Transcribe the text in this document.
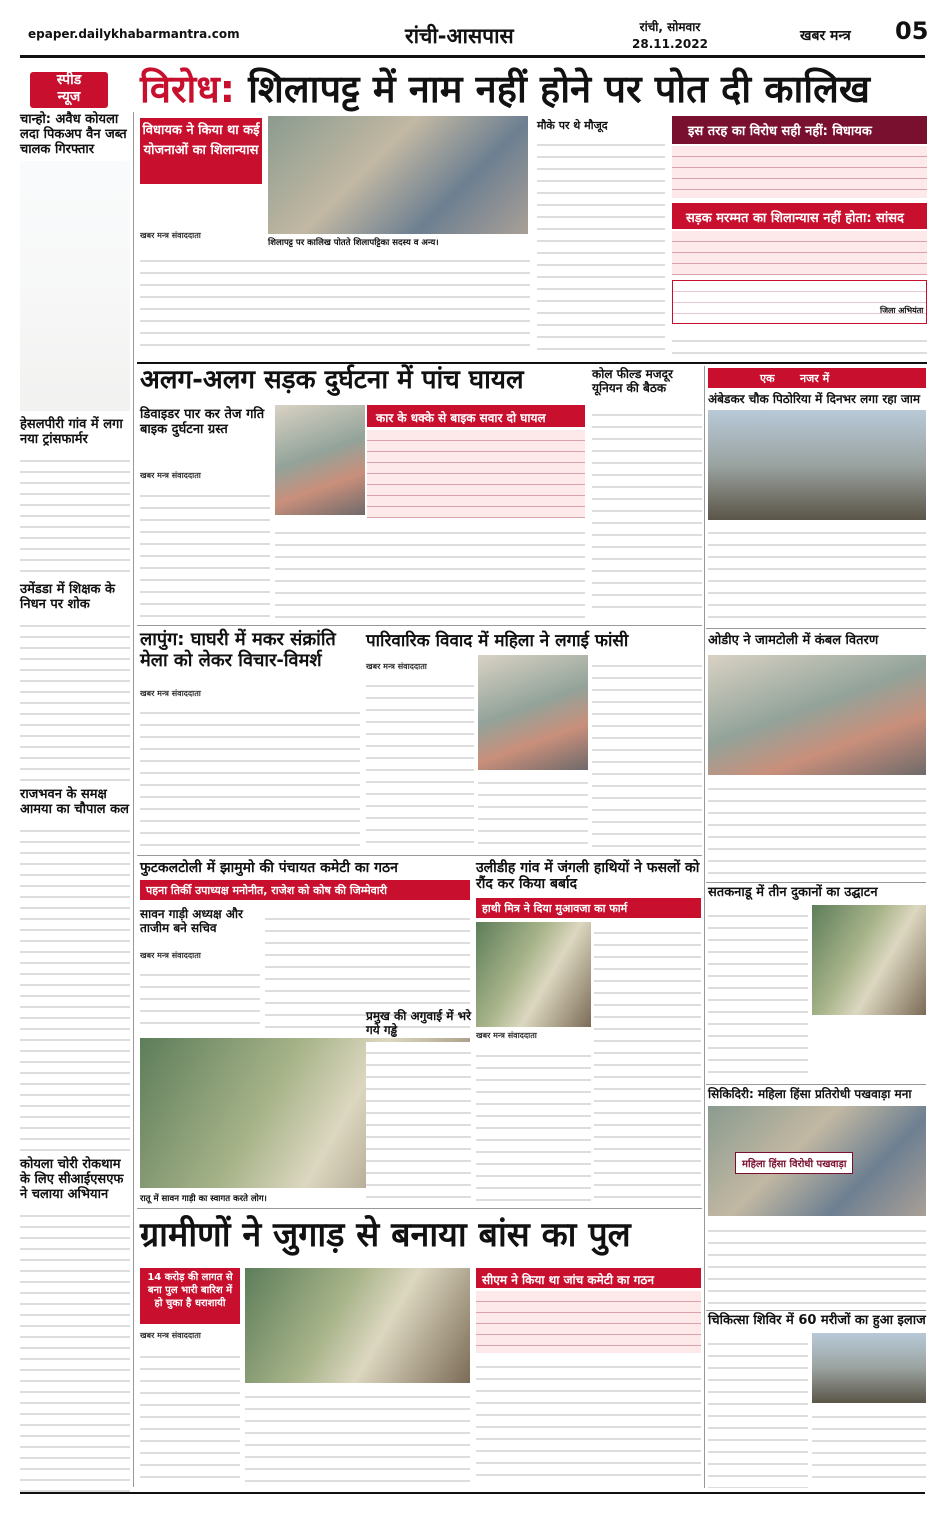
epaper.dailykhabarmantra.com	रांची-आसपास	रांची, सोमवार
28.11.2022	खबर मन्त्र 05
स्पीड
न्यूज	विरोध: शिलापट्ट में नाम नहीं होने पर पोत दी कालिख
चान्हो: अवैध कोयला लदा पिकअप वैन जब्त चालक गिरफ्तार
हेसलपीरी गांव में लगा नया ट्रांसफार्मर
उमेंडडा में शिक्षक के निधन पर शोक
राजभवन के समक्ष आमया का चौपाल कल
कोयला चोरी रोकथाम के लिए सीआईएसएफ ने चलाया अभियान
विधायक ने किया था कई योजनाओं का शिलान्यास
शिलापट्ट पर कालिख पोतते शिलापट्टिका सदस्य व अन्य।
खबर मन्त्र संवाददाता
मौके पर थे मौजूद	इस तरह का विरोध सही नहीं: विधायक
सड़क मरम्मत का शिलान्यास नहीं होता: सांसद
जिला अभियंता
अलग-अलग सड़क दुर्घटना में पांच घायल
डिवाइडर पार कर तेज गति बाइक दुर्घटना ग्रस्त
खबर मन्त्र संवाददाता
कार के धक्के से बाइक सवार दो घायल
कोल फील्ड मजदूर यूनियन की बैठक
एक नजर में
अंबेडकर चौक पिठोरिया में दिनभर लगा रहा जाम
ओडीए ने जामटोली में कंबल वितरण
सतकनाडू में तीन दुकानों का उद्घाटन
सिकिदिरी: महिला हिंसा प्रतिरोधी पखवाड़ा मना
महिला हिंसा विरोधी पखवाड़ा
चिकित्सा शिविर में 60 मरीजों का हुआ इलाज
लापुंग: घाघरी में मकर संक्रांति मेला को लेकर विचार-विमर्श
खबर मन्त्र संवाददाता
पारिवारिक विवाद में महिला ने लगाई फांसी
खबर मन्त्र संवाददाता
फुटकलटोली में झामुमो की पंचायत कमेटी का गठन
पहना तिर्की उपाध्यक्ष मनोनीत, राजेश को कोष की जिम्मेवारी
सावन गाड़ी अध्यक्ष और ताजीम बने सचिव
खबर मन्त्र संवाददाता
रातू में सावन गाड़ी का स्वागत करते लोग।
उलीडीह गांव में जंगली हाथियों ने फसलों को रौंद कर किया बर्बाद
हाथी मित्र ने दिया मुआवजा का फार्म
खबर मन्त्र संवाददाता
प्रमुख की अगुवाई में भरे गये गड्ढे
ग्रामीणों ने जुगाड़ से बनाया बांस का पुल
14 करोड़ की लागत से बना पुल भारी बारिश में हो चुका है धराशायी
खबर मन्त्र संवाददाता
सीएम ने किया था जांच कमेटी का गठन
